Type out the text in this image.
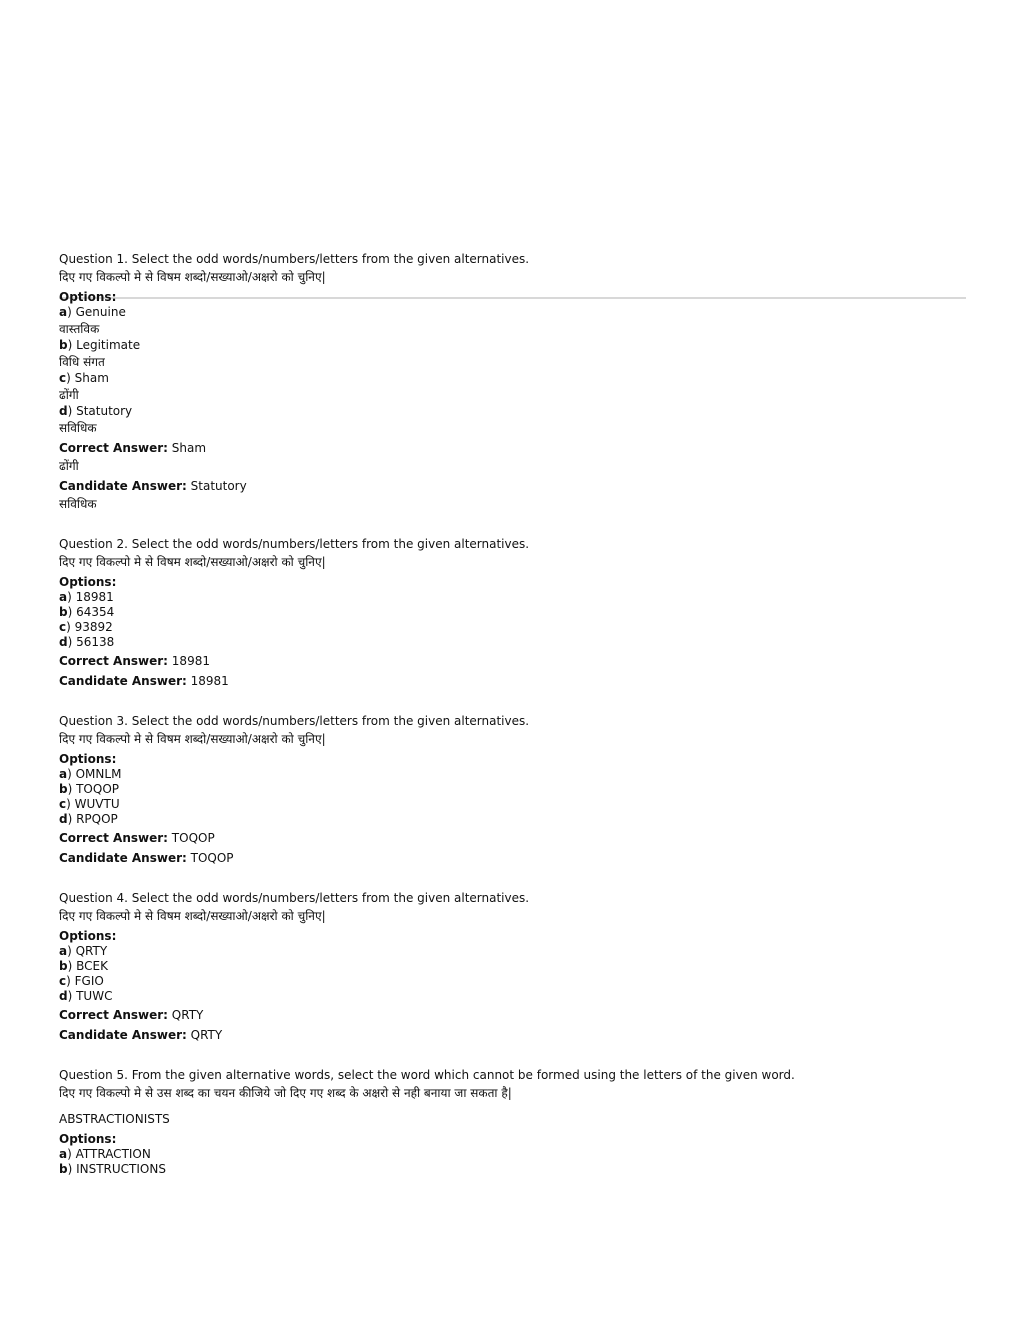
Question 1. Select the odd words/numbers/letters from the given alternatives.
दिए गए विकल्पो मे से विषम शब्दो/सख्याओ/अक्षरो को चुनिए|
Options:
a) Genuine
वास्तविक
b) Legitimate
विधि संगत
c) Sham
ढोंगी
d) Statutory
सविधिक
Correct Answer: Sham
ढोंगी
Candidate Answer: Statutory
सविधिक
Question 2. Select the odd words/numbers/letters from the given alternatives.
दिए गए विकल्पो मे से विषम शब्दो/सख्याओ/अक्षरो को चुनिए|
Options:
a) 18981
b) 64354
c) 93892
d) 56138
Correct Answer: 18981
Candidate Answer: 18981
Question 3. Select the odd words/numbers/letters from the given alternatives.
दिए गए विकल्पो मे से विषम शब्दो/सख्याओ/अक्षरो को चुनिए|
Options:
a) OMNLM
b) TOQOP
c) WUVTU
d) RPQOP
Correct Answer: TOQOP
Candidate Answer: TOQOP
Question 4. Select the odd words/numbers/letters from the given alternatives.
दिए गए विकल्पो मे से विषम शब्दो/सख्याओ/अक्षरो को चुनिए|
Options:
a) QRTY
b) BCEK
c) FGIO
d) TUWC
Correct Answer: QRTY
Candidate Answer: QRTY
Question 5. From the given alternative words, select the word which cannot be formed using the letters of the given word.
दिए गए विकल्पो मे से उस शब्द का चयन कीजिये जो दिए गए शब्द के अक्षरो से नही बनाया जा सकता है|
ABSTRACTIONISTS
Options:
a) ATTRACTION
b) INSTRUCTIONS
